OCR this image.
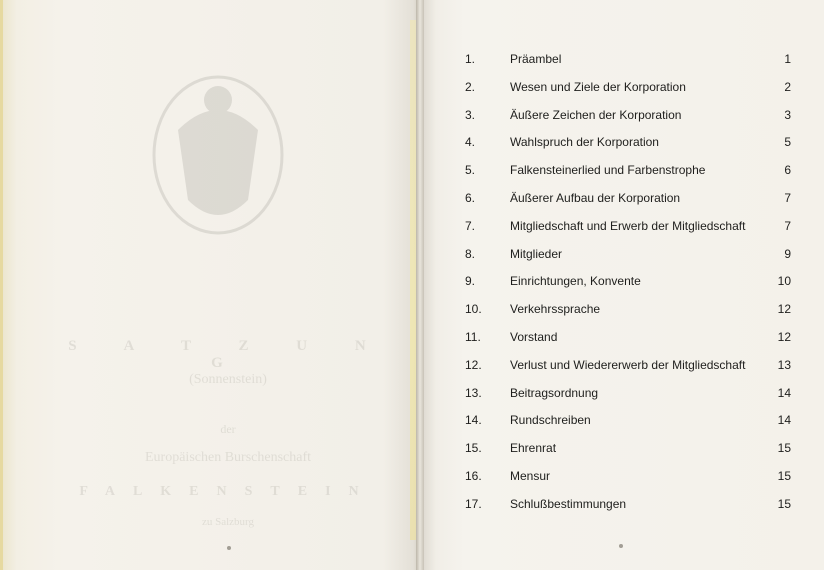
S A T Z U N G
(Sonnenstein)
der
Europäischen Burschenschaft
FALKENSTEIN
zu Salzburg
1.	Präambel	1
2.	Wesen und Ziele der Korporation	2
3.	Äußere Zeichen der Korporation	3
4.	Wahlspruch der Korporation	5
5.	Falkensteinerlied und Farbenstrophe	6
6.	Äußerer Aufbau der Korporation	7
7.	Mitgliedschaft und Erwerb der Mitgliedschaft	7
8.	Mitglieder	9
9.	Einrichtungen, Konvente	10
10. Verkehrssprache	12
11. Vorstand	12
12. Verlust und Wiedererwerb der Mitgliedschaft	13
13. Beitragsordnung	14
14. Rundschreiben	14
15. Ehrenrat	15
16. Mensur	15
17. Schlußbestimmungen	15
